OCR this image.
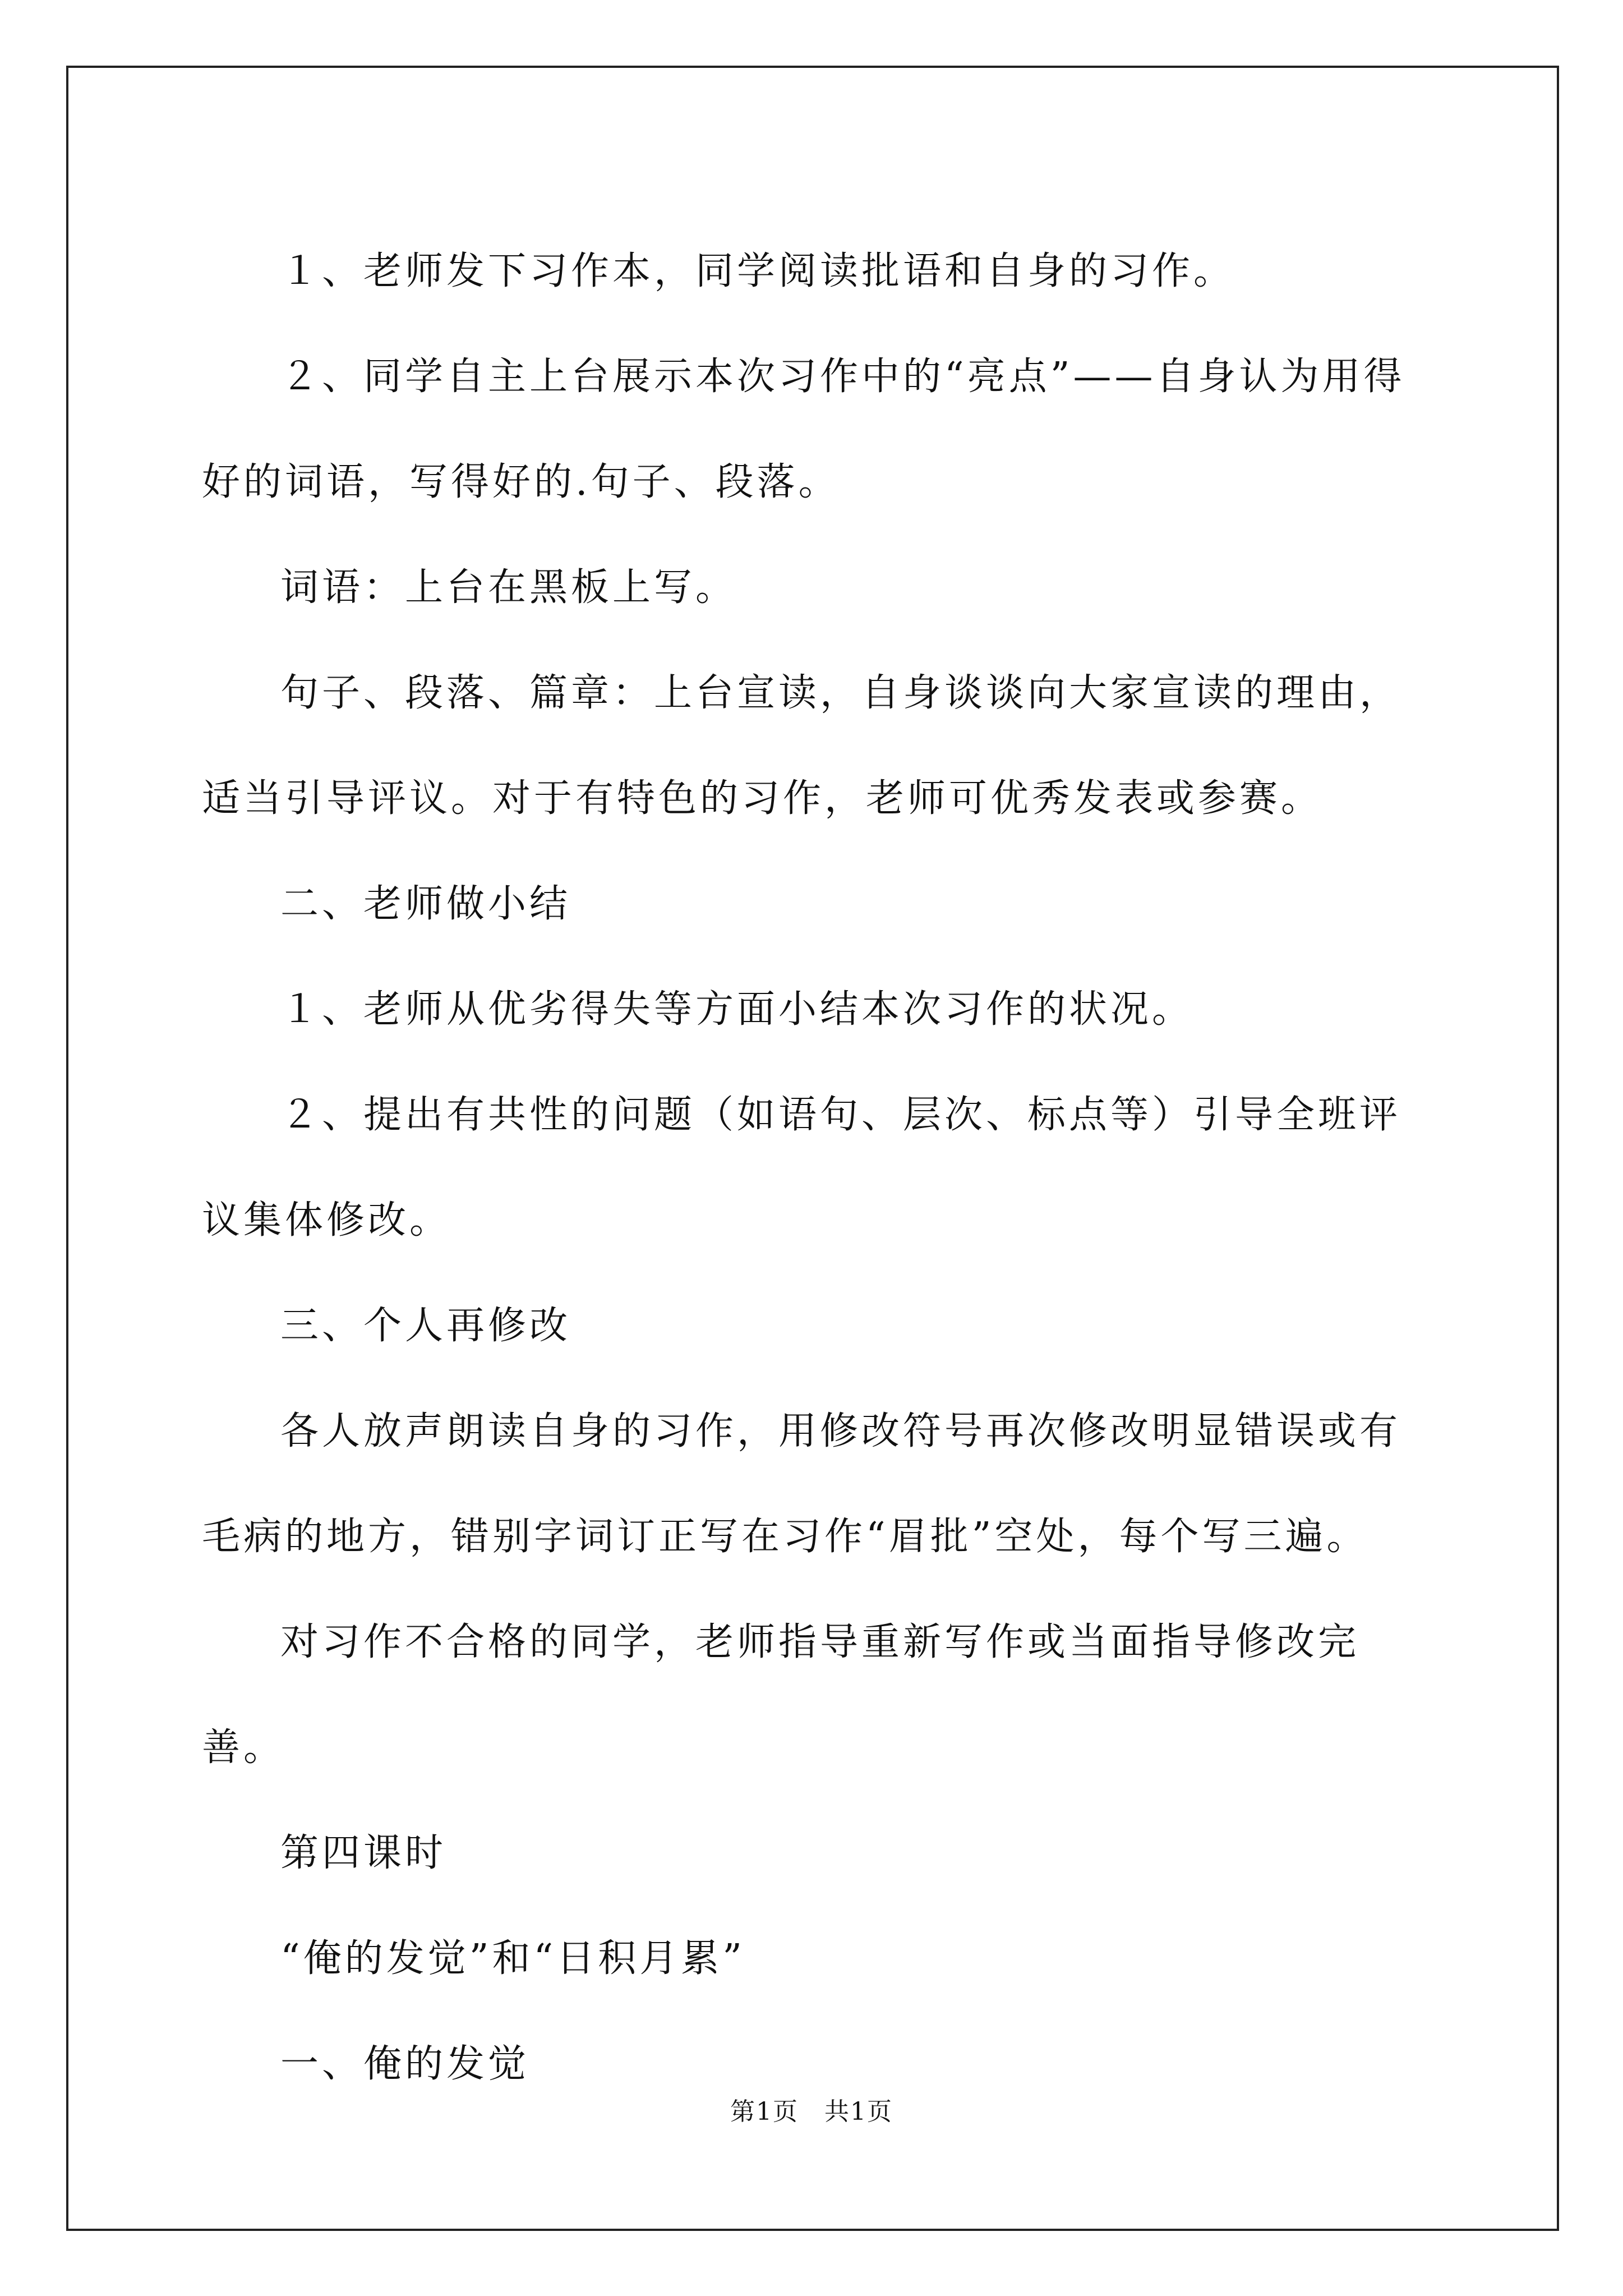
１、老师发下习作本，同学阅读批语和自身的习作。

２、同学自主上台展示本次习作中的“亮点”——自身认为用得好的词语，写得好的.句子、段落。

词语：上台在黑板上写。

句子、段落、篇章：上台宣读，自身谈谈向大家宣读的理由，适当引导评议。对于有特色的习作，老师可优秀发表或参赛。

二、老师做小结

１、老师从优劣得失等方面小结本次习作的状况。

２、提出有共性的问题（如语句、层次、标点等）引导全班评议集体修改。

三、个人再修改

各人放声朗读自身的习作，用修改符号再次修改明显错误或有毛病的地方，错别字词订正写在习作“眉批”空处，每个写三遍。

对习作不合格的同学，老师指导重新写作或当面指导修改完善。

第四课时

“俺的发觉”和“日积月累”

一、俺的发觉

第1页　共1页
